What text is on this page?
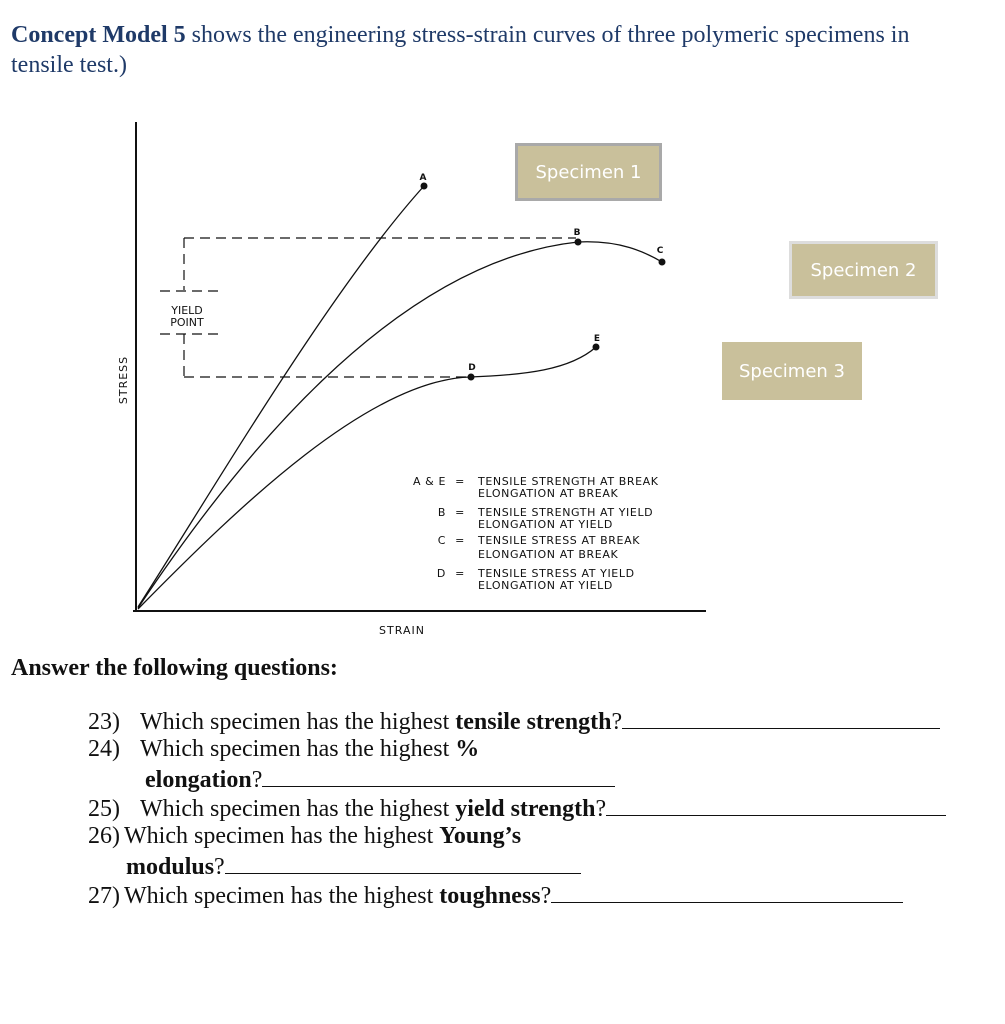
Concept Model 5 shows the engineering stress-strain curves of three polymeric specimens in
tensile test.)
STRESS
STRAIN
YIELD
POINT
A
B
C
D
E
A & E = TENSILE STRENGTH AT BREAK
ELONGATION AT BREAK
B = TENSILE STRENGTH AT YIELD
ELONGATION AT YIELD
C = TENSILE STRESS AT BREAK
ELONGATION AT BREAK
D = TENSILE STRESS AT YIELD
ELONGATION AT YIELD
Specimen 1
Specimen 2
Specimen 3
Answer the following questions:
23) Which specimen has the highest tensile strength?
24) Which specimen has the highest %
elongation?
25) Which specimen has the highest yield strength?
26) Which specimen has the highest Young’s
modulus?
27) Which specimen has the highest toughness?
